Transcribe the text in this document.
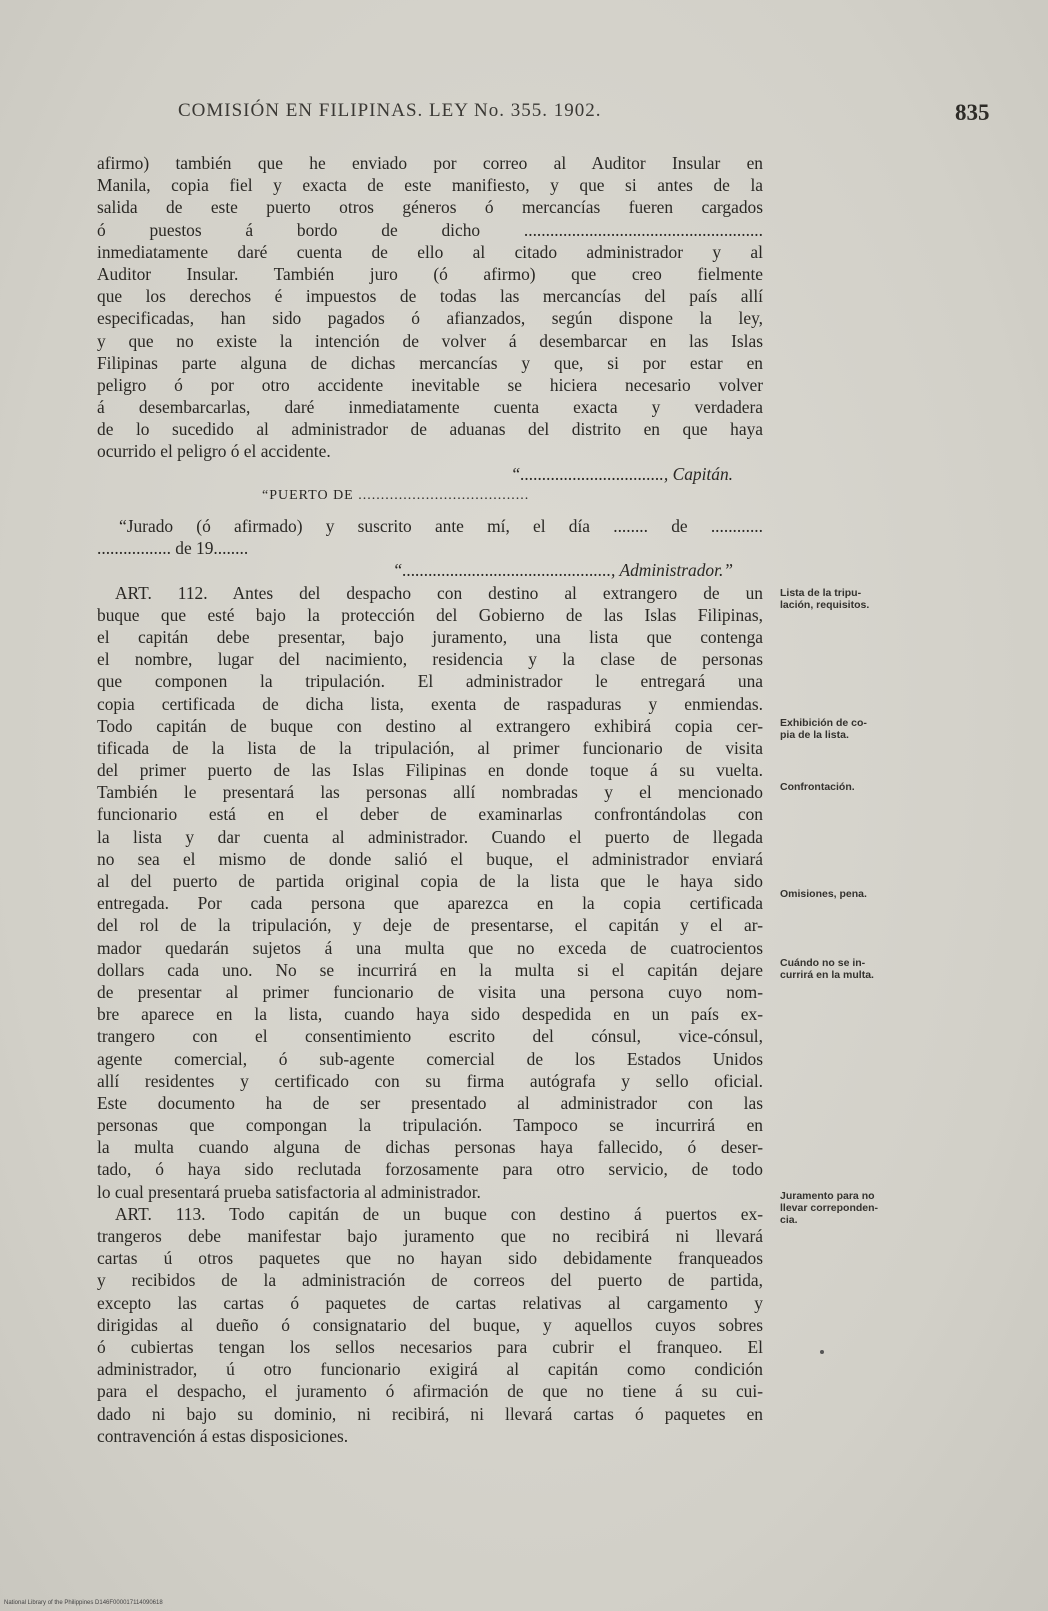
COMISIÓN EN FILIPINAS. LEY No. 355. 1902.	835
afirmo) también que he enviado por correo al Auditor Insular en
Manila, copia fiel y exacta de este manifiesto, y que si antes de la
salida de este puerto otros géneros ó mercancías fueren cargados
ó puestos á bordo de dicho .......................................................
inmediatamente daré cuenta de ello al citado administrador y al
Auditor Insular. También juro (ó afirmo) que creo fielmente
que los derechos é impuestos de todas las mercancías del país allí
especificadas, han sido pagados ó afianzados, según dispone la ley,
y que no existe la intención de volver á desembarcar en las Islas
Filipinas parte alguna de dichas mercancías y que, si por estar en
peligro ó por otro accidente inevitable se hiciera necesario volver
á desembarcarlas, daré inmediatamente cuenta exacta y verdadera
de lo sucedido al administrador de aduanas del distrito en que haya
ocurrido el peligro ó el accidente.
“................................., Capitán.
“PUERTO DE ......................................
“Jurado (ó afirmado) y suscrito ante mí, el día ........ de ............
................. de 19........
“................................................, Administrador.”
ART. 112. Antes del despacho con destino al extrangero de un
buque que esté bajo la protección del Gobierno de las Islas Filipinas,
el capitán debe presentar, bajo juramento, una lista que contenga
el nombre, lugar del nacimiento, residencia y la clase de personas
que componen la tripulación. El administrador le entregará una
copia certificada de dicha lista, exenta de raspaduras y enmiendas.
Todo capitán de buque con destino al extrangero exhibirá copia cer-
tificada de la lista de la tripulación, al primer funcionario de visita
del primer puerto de las Islas Filipinas en donde toque á su vuelta.
También le presentará las personas allí nombradas y el mencionado
funcionario está en el deber de examinarlas confrontándolas con
la lista y dar cuenta al administrador. Cuando el puerto de llegada
no sea el mismo de donde salió el buque, el administrador enviará
al del puerto de partida original copia de la lista que le haya sido
entregada. Por cada persona que aparezca en la copia certificada
del rol de la tripulación, y deje de presentarse, el capitán y el ar-
mador quedarán sujetos á una multa que no exceda de cuatrocientos
dollars cada uno. No se incurrirá en la multa si el capitán dejare
de presentar al primer funcionario de visita una persona cuyo nom-
bre aparece en la lista, cuando haya sido despedida en un país ex-
trangero con el consentimiento escrito del cónsul, vice-cónsul,
agente comercial, ó sub-agente comercial de los Estados Unidos
allí residentes y certificado con su firma autógrafa y sello oficial.
Este documento ha de ser presentado al administrador con las
personas que compongan la tripulación. Tampoco se incurrirá en
la multa cuando alguna de dichas personas haya fallecido, ó deser-
tado, ó haya sido reclutada forzosamente para otro servicio, de todo
lo cual presentará prueba satisfactoria al administrador.
ART. 113. Todo capitán de un buque con destino á puertos ex-
trangeros debe manifestar bajo juramento que no recibirá ni llevará
cartas ú otros paquetes que no hayan sido debidamente franqueados
y recibidos de la administración de correos del puerto de partida,
excepto las cartas ó paquetes de cartas relativas al cargamento y
dirigidas al dueño ó consignatario del buque, y aquellos cuyos sobres
ó cubiertas tengan los sellos necesarios para cubrir el franqueo. El
administrador, ú otro funcionario exigirá al capitán como condición
para el despacho, el juramento ó afirmación de que no tiene á su cui-
dado ni bajo su dominio, ni recibirá, ni llevará cartas ó paquetes en
contravención á estas disposiciones.
Lista de la tripu-
lación, requisitos.
Exhibición de co-
pia de la lista.
Confrontación.
Omisiones, pena.
Cuándo no se in-
currirá en la multa.
Juramento para no
llevar correponden-
cia.
National Library of the Philippines D146F000017114090618
